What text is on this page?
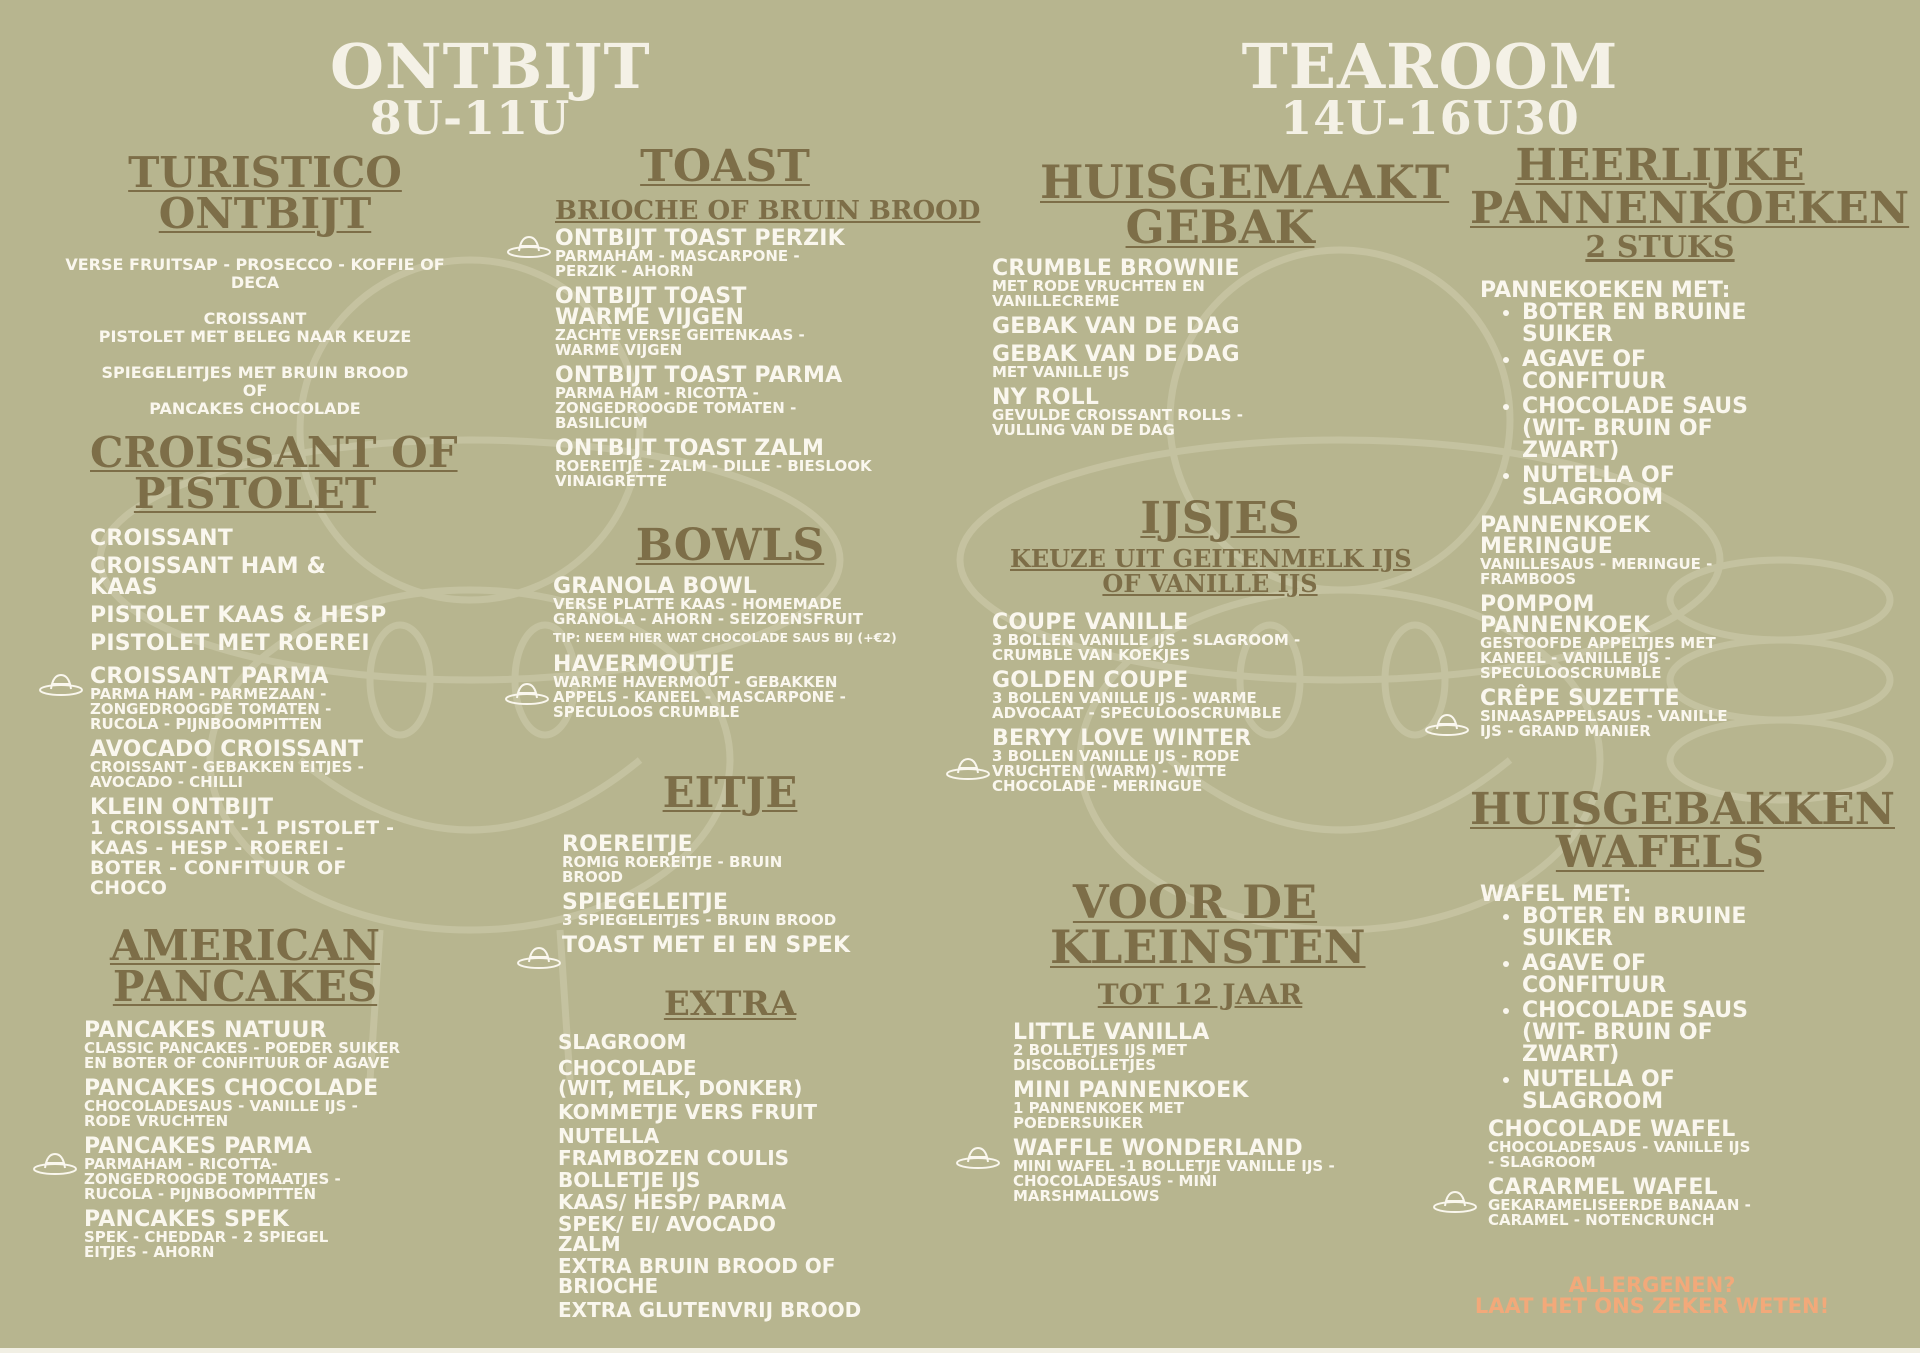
ONTBIJT
8U-11U
TEAROOM
14U-16U30
TURISTICO
ONTBIJT
VERSE FRUITSAP - PROSECCO - KOFFIE OF DECA
CROISSANT
PISTOLET MET BELEG NAAR KEUZE
SPIEGELEITJES MET BRUIN BROOD
OF
PANCAKES CHOCOLADE
CROISSANT OF
PISTOLET
CROISSANT
CROISSANT HAM & KAAS
PISTOLET KAAS & HESP
PISTOLET MET ROEREI
CROISSANT PARMA
PARMA HAM - PARMEZAAN - ZONGEDROOGDE TOMATEN - RUCOLA - PIJNBOOMPITTEN
AVOCADO CROISSANT
CROISSANT - GEBAKKEN EITJES - AVOCADO - CHILLI
KLEIN ONTBIJT
1 CROISSANT - 1 PISTOLET - KAAS - HESP - ROEREI - BOTER - CONFITUUR OF CHOCO
AMERICAN
PANCAKES
PANCAKES NATUUR
CLASSIC PANCAKES - POEDER SUIKER EN BOTER OF CONFITUUR OF AGAVE
PANCAKES CHOCOLADE
CHOCOLADESAUS - VANILLE IJS - RODE VRUCHTEN
PANCAKES PARMA
PARMAHAM - RICOTTA- ZONGEDROOGDE TOMAATJES - RUCOLA - PIJNBOOMPITTEN
PANCAKES SPEK
SPEK - CHEDDAR - 2 SPIEGEL EITJES - AHORN
TOAST
BRIOCHE OF BRUIN BROOD
ONTBIJT TOAST PERZIK
PARMAHAM - MASCARPONE - PERZIK - AHORN
ONTBIJT TOAST WARME VIJGEN
ZACHTE VERSE GEITENKAAS - WARME VIJGEN
ONTBIJT TOAST PARMA
PARMA HAM - RICOTTA - ZONGEDROOGDE TOMATEN - BASILICUM
ONTBIJT TOAST ZALM
ROEREITJE - ZALM - DILLE - BIESLOOK VINAIGRETTE
BOWLS
GRANOLA BOWL
VERSE PLATTE KAAS - HOMEMADE GRANOLA - AHORN - SEIZOENSFRUIT
TIP: NEEM HIER WAT CHOCOLADE SAUS BIJ (+€2)
HAVERMOUTJE
WARME HAVERMOUT - GEBAKKEN APPELS - KANEEL - MASCARPONE - SPECULOOS CRUMBLE
EITJE
ROEREITJE
ROMIG ROEREITJE - BRUIN BROOD
SPIEGELEITJE
3 SPIEGELEITJES - BRUIN BROOD
TOAST MET EI EN SPEK
EXTRA
SLAGROOM
CHOCOLADE
(WIT, MELK, DONKER)
KOMMETJE VERS FRUIT
NUTELLA
FRAMBOZEN COULIS
BOLLETJE IJS
KAAS/ HESP/ PARMA
SPEK/ EI/ AVOCADO
ZALM
EXTRA BRUIN BROOD OF BRIOCHE
EXTRA GLUTENVRIJ BROOD
HUISGEMAAKT
GEBAK
CRUMBLE BROWNIE
MET RODE VRUCHTEN EN VANILLECREME
GEBAK VAN DE DAG
GEBAK VAN DE DAG
MET VANILLE IJS
NY ROLL
GEVULDE CROISSANT ROLLS - VULLING VAN DE DAG
IJSJES
KEUZE UIT GEITENMELK IJS
OF VANILLE IJS
COUPE VANILLE
3 BOLLEN VANILLE IJS - SLAGROOM - CRUMBLE VAN KOEKJES
GOLDEN COUPE
3 BOLLEN VANILLE IJS - WARME ADVOCAAT - SPECULOOSCRUMBLE
BERYY LOVE WINTER
3 BOLLEN VANILLE IJS - RODE VRUCHTEN (WARM) - WITTE CHOCOLADE - MERINGUE
VOOR DE
KLEINSTEN
TOT 12 JAAR
LITTLE VANILLA
2 BOLLETJES IJS MET DISCOBOLLETJES
MINI PANNENKOEK
1 PANNENKOEK MET POEDERSUIKER
WAFFLE WONDERLAND
MINI WAFEL -1 BOLLETJE VANILLE IJS - CHOCOLADESAUS - MINI MARSHMALLOWS
HEERLIJKE
PANNENKOEKEN
2 STUKS
PANNEKOEKEN MET:
• BOTER EN BRUINE SUIKER
• AGAVE OF CONFITUUR
• CHOCOLADE SAUS (WIT- BRUIN OF ZWART)
• NUTELLA OF SLAGROOM
PANNENKOEK MERINGUE
VANILLESAUS - MERINGUE - FRAMBOOS
POMPOM PANNENKOEK
GESTOOFDE APPELTJES MET KANEEL - VANILLE IJS - SPECULOOSCRUMBLE
CRÊPE SUZETTE
SINAASAPPELSAUS - VANILLE IJS - GRAND MANIER
HUISGEBAKKEN
WAFELS
WAFEL MET:
• BOTER EN BRUINE SUIKER
• AGAVE OF CONFITUUR
• CHOCOLADE SAUS (WIT- BRUIN OF ZWART)
• NUTELLA OF SLAGROOM
CHOCOLADE WAFEL
CHOCOLADESAUS - VANILLE IJS - SLAGROOM
CARARMEL WAFEL
GEKARAMELISEERDE BANAAN - CARAMEL - NOTENCRUNCH
ALLERGENEN?
LAAT HET ONS ZEKER WETEN!
